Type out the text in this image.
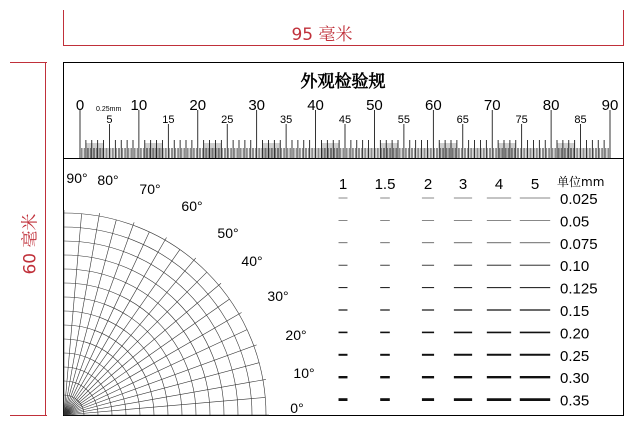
0	10	20	30	40	50	60	70	80	90
5	15	25	35	45	55	65	75	85
0.25mm
0°
10°
20°
30°
40°
50°
60°
70°
80°
90°	1 1.5 2 3 4 5 单位mm
0.025
0.05
0.075
0.10
0.125
0.15
0.20
0.25
0.30
0.35
95 毫米
60 毫米
外观检验规
